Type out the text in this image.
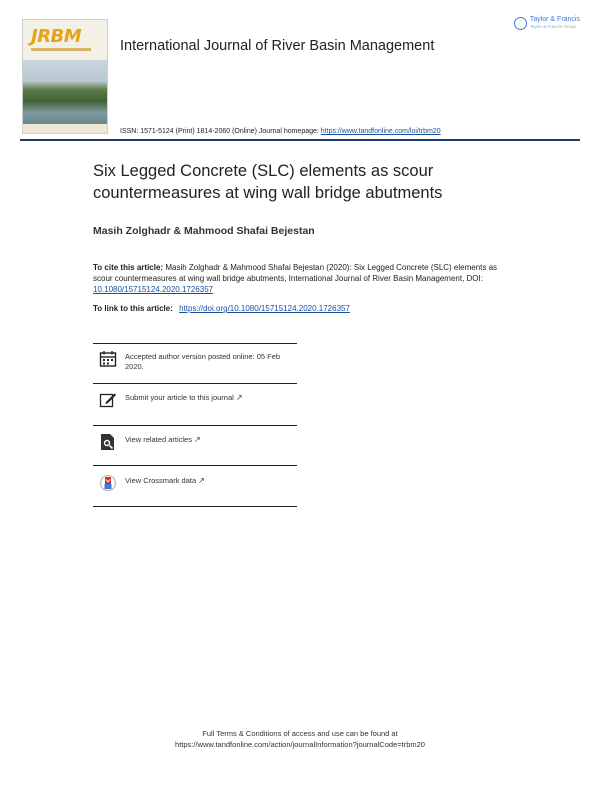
JRBM	International Journal of River Basin Management
Taylor & Francis
Taylor & Francis Group
ISSN: 1571-5124 (Print) 1814-2060 (Online) Journal homepage: https://www.tandfonline.com/loi/trbm20
Six Legged Concrete (SLC) elements as scour countermeasures at wing wall bridge abutments
Masih Zolghadr & Mahmood Shafai Bejestan
To cite this article: Masih Zolghadr & Mahmood Shafai Bejestan (2020): Six Legged Concrete (SLC) elements as scour countermeasures at wing wall bridge abutments, International Journal of River Basin Management, DOI: 10.1080/15715124.2020.1726357
To link to this article: https://doi.org/10.1080/15715124.2020.1726357
Accepted author version posted online: 05 Feb 2020.
Submit your article to this journal ↗
View related articles ↗
View Crossmark data ↗
Full Terms & Conditions of access and use can be found at
https://www.tandfonline.com/action/journalInformation?journalCode=trbm20
